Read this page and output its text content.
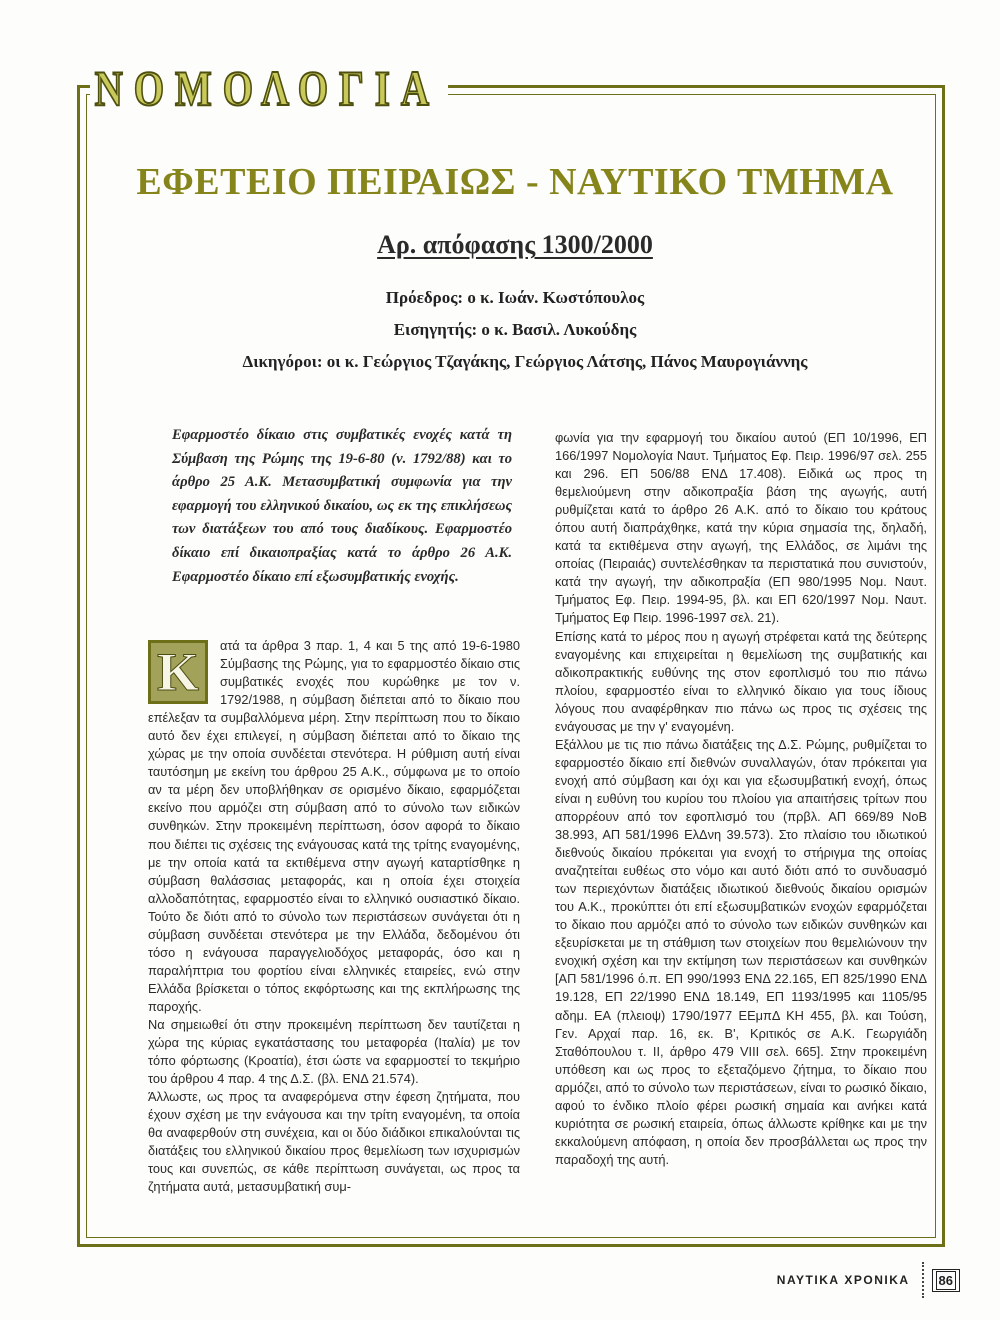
ΝΟΜΟΛΟΓΙΑ
ΕΦΕΤΕΙΟ ΠΕΙΡΑΙΩΣ - ΝΑΥΤΙΚΟ ΤΜΗΜΑ
Αρ. απόφασης 1300/2000
Πρόεδρος: ο κ. Ιωάν. Κωστόπουλος
Εισηγητής: ο κ. Βασιλ. Λυκούδης
Δικηγόροι: οι κ. Γεώργιος Τζαγάκης, Γεώργιος Λάτσης, Πάνος Μαυρογιάννης
Εφαρμοστέο δίκαιο στις συμβατικές ενοχές κατά τη Σύμβαση της Ρώμης της 19-6-80 (ν. 1792/88) και το άρθρο 25 Α.Κ. Μετασυμβατική συμφωνία για την εφαρμογή του ελληνικού δικαίου, ως εκ της επικλήσεως των διατάξεων του από τους διαδίκους. Εφαρμοστέο δίκαιο επί δικαιοπραξίας κατά το άρθρο 26 Α.Κ. Εφαρμοστέο δίκαιο επί εξωσυμβατικής ενοχής.
Κ	ατά τα άρθρα 3 παρ. 1, 4 και 5 της από 19-6-1980 Σύμβασης της Ρώμης, για το εφαρμοστέο δίκαιο στις συμβατικές ενοχές που κυρώθηκε με τον ν. 1792/1988, η σύμβαση διέπεται από το δίκαιο που επέλεξαν τα συμβαλλόμενα μέρη. Στην περίπτωση που το δίκαιο αυτό δεν έχει επιλεγεί, η σύμβαση διέπεται από το δίκαιο της χώρας με την οποία συνδέεται στενότερα. Η ρύθμιση αυτή είναι ταυτόσημη με εκείνη του άρθρου 25 Α.Κ., σύμφωνα με το οποίο αν τα μέρη δεν υποβλήθηκαν σε ορισμένο δίκαιο, εφαρμόζεται εκείνο που αρμόζει στη σύμβαση από το σύνολο των ειδικών συνθηκών. Στην προκειμένη περίπτωση, όσον αφορά το δίκαιο που διέπει τις σχέσεις της ενάγουσας κατά της τρίτης εναγομένης, με την οποία κατά τα εκτιθέμενα στην αγωγή καταρτίσθηκε η σύμβαση θαλάσσιας μεταφοράς, και η οποία έχει στοιχεία αλλοδαπότητας, εφαρμοστέο είναι το ελληνικό ουσιαστικό δίκαιο. Τούτο δε διότι από το σύνολο των περιστάσεων συνάγεται ότι η σύμβαση συνδέεται στενότερα με την Ελλάδα, δεδομένου ότι τόσο η ενάγουσα παραγγελιοδόχος μεταφοράς, όσο και η παραλήπτρια του φορτίου είναι ελληνικές εταιρείες, ενώ στην Ελλάδα βρίσκεται ο τόπος εκφόρτωσης και της εκπλήρωσης της παροχής.

Να σημειωθεί ότι στην προκειμένη περίπτωση δεν ταυτίζεται η χώρα της κύριας εγκατάστασης του μεταφορέα (Ιταλία) με τον τόπο φόρτωσης (Κροατία), έτσι ώστε να εφαρμοστεί το τεκμήριο του άρθρου 4 παρ. 4 της Δ.Σ. (βλ. ΕΝΔ 21.574).

Άλλωστε, ως προς τα αναφερόμενα στην έφεση ζητήματα, που έχουν σχέση με την ενάγουσα και την τρίτη εναγομένη, τα οποία θα αναφερθούν στη συνέχεια, και οι δύο διάδικοι επικαλούνται τις διατάξεις του ελληνικού δικαίου προς θεμελίωση των ισχυρισμών τους και συνεπώς, σε κάθε περίπτωση συνάγεται, ως προς τα ζητήματα αυτά, μετασυμβατική συμ-

φωνία για την εφαρμογή του δικαίου αυτού (ΕΠ 10/1996, ΕΠ 166/1997 Νομολογία Ναυτ. Τμήματος Εφ. Πειρ. 1996/97 σελ. 255 και 296. ΕΠ 506/88 ΕΝΔ 17.408). Ειδικά ως προς τη θεμελιούμενη στην αδικοπραξία βάση της αγωγής, αυτή ρυθμίζεται κατά το άρθρο 26 Α.Κ. από το δίκαιο του κράτους όπου αυτή διαπράχθηκε, κατά την κύρια σημασία της, δηλαδή, κατά τα εκτιθέμενα στην αγωγή, της Ελλάδος, σε λιμάνι της οποίας (Πειραιάς) συντελέσθηκαν τα περιστατικά που συνιστούν, κατά την αγωγή, την αδικοπραξία (ΕΠ 980/1995 Νομ. Ναυτ. Τμήματος Εφ. Πειρ. 1994-95, βλ. και ΕΠ 620/1997 Νομ. Ναυτ. Τμήματος Εφ Πειρ. 1996-1997 σελ. 21).

Επίσης κατά το μέρος που η αγωγή στρέφεται κατά της δεύτερης εναγομένης και επιχειρείται η θεμελίωση της συμβατικής και αδικοπρακτικής ευθύνης της στον εφοπλισμό του πιο πάνω πλοίου, εφαρμοστέο είναι το ελληνικό δίκαιο για τους ίδιους λόγους που αναφέρθηκαν πιο πάνω ως προς τις σχέσεις της ενάγουσας με την γ' εναγομένη.

Εξάλλου με τις πιο πάνω διατάξεις της Δ.Σ. Ρώμης, ρυθμίζεται το εφαρμοστέο δίκαιο επί διεθνών συναλλαγών, όταν πρόκειται για ενοχή από σύμβαση και όχι και για εξωσυμβατική ενοχή, όπως είναι η ευθύνη του κυρίου του πλοίου για απαιτήσεις τρίτων που απορρέουν από τον εφοπλισμό του (πρβλ. ΑΠ 669/89 ΝοΒ 38.993, ΑΠ 581/1996 ΕλΔνη 39.573). Στο πλαίσιο του ιδιωτικού διεθνούς δικαίου πρόκειται για ενοχή το στήριγμα της οποίας αναζητείται ευθέως στο νόμο και αυτό διότι από το συνδυασμό των περιεχόντων διατάξεις ιδιωτικού διεθνούς δικαίου ορισμών του Α.Κ., προκύπτει ότι επί εξωσυμβατικών ενοχών εφαρμόζεται το δίκαιο που αρμόζει από το σύνολο των ειδικών συνθηκών και εξευρίσκεται με τη στάθμιση των στοιχείων που θεμελιώνουν την ενοχική σχέση και την εκτίμηση των περιστάσεων και συνθηκών [ΑΠ 581/1996 ό.π. ΕΠ 990/1993 ΕΝΔ 22.165, ΕΠ 825/1990 ΕΝΔ 19.128, ΕΠ 22/1990 ΕΝΔ 18.149, ΕΠ 1193/1995 και 1105/95 αδημ. ΕΑ (πλειοψ) 1790/1977 ΕΕμπΔ ΚΗ 455, βλ. και Τούση, Γεν. Αρχαί παρ. 16, εκ. Β', Κριτικός σε Α.Κ. Γεωργιάδη Σταθόπουλου τ. ΙΙ, άρθρο 479 VIII σελ. 665]. Στην προκειμένη υπόθεση και ως προς το εξεταζόμενο ζήτημα, το δίκαιο που αρμόζει, από το σύνολο των περιστάσεων, είναι το ρωσικό δίκαιο, αφού το ένδικο πλοίο φέρει ρωσική σημαία και ανήκει κατά κυριότητα σε ρωσική εταιρεία, όπως άλλωστε κρίθηκε και με την εκκαλούμενη απόφαση, η οποία δεν προσβάλλεται ως προς την παραδοχή της αυτή.

ΝΑΥΤΙΚΑ ΧΡΟΝΙΚΑ	86
